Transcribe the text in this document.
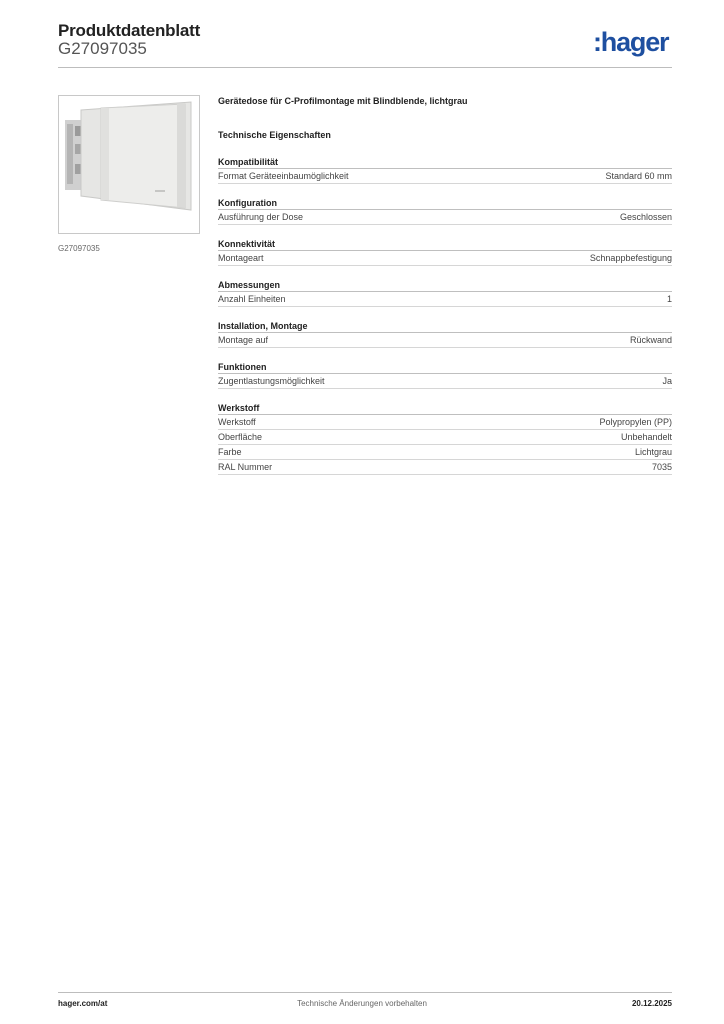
Produktdatenblatt
G27097035	:hager
G27097035
Gerätedose für C-Profilmontage mit Blindblende, lichtgrau
Technische Eigenschaften
Kompatibilität
Format Geräteeinbaumöglichkeit	Standard 60 mm
Konfiguration
Ausführung der Dose	Geschlossen
Konnektivität
Montageart	Schnappbefestigung
Abmessungen
Anzahl Einheiten	1
Installation, Montage
Montage auf	Rückwand
Funktionen
Zugentlastungsmöglichkeit	Ja
Werkstoff
Werkstoff	Polypropylen (PP)
Oberfläche	Unbehandelt
Farbe	Lichtgrau
RAL Nummer	7035
hager.com/at	Technische Änderungen vorbehalten	20.12.2025
